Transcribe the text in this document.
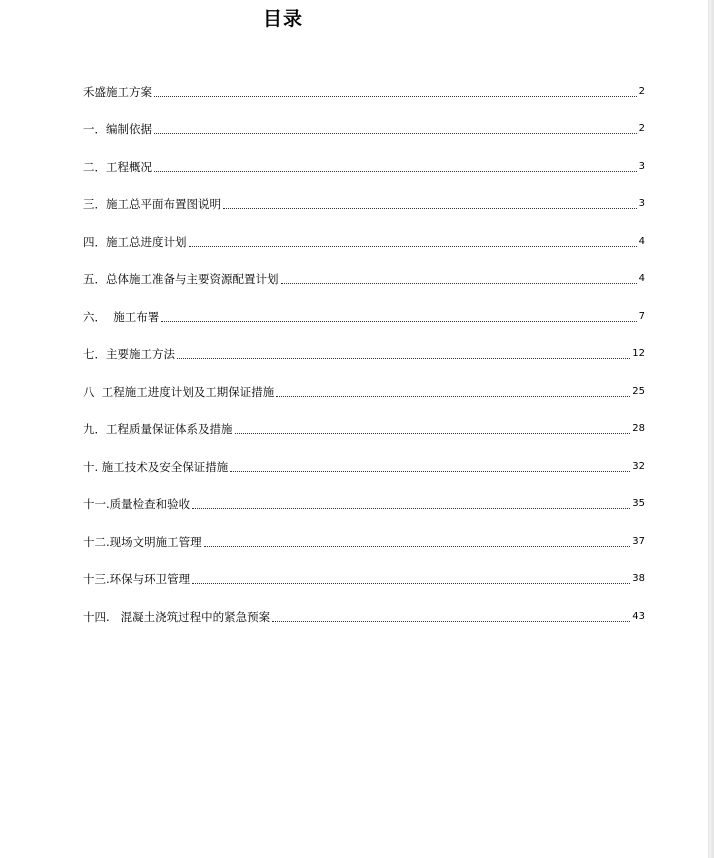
目录
禾盛施工方案	2
一．编制依据	2
二．工程概况	3
三．施工总平面布置图说明	3
四．施工总进度计划	4
五．总体施工准备与主要资源配置计划	4
六．  施工布署	7
七．主要施工方法	12
八  工程施工进度计划及工期保证措施	25
九．工程质量保证体系及措施	28
十. 施工技术及安全保证措施	32
十一.质量检查和验收	35
十二.现场文明施工管理	37
十三.环保与环卫管理	38
十四.   混凝土浇筑过程中的紧急预案	43
